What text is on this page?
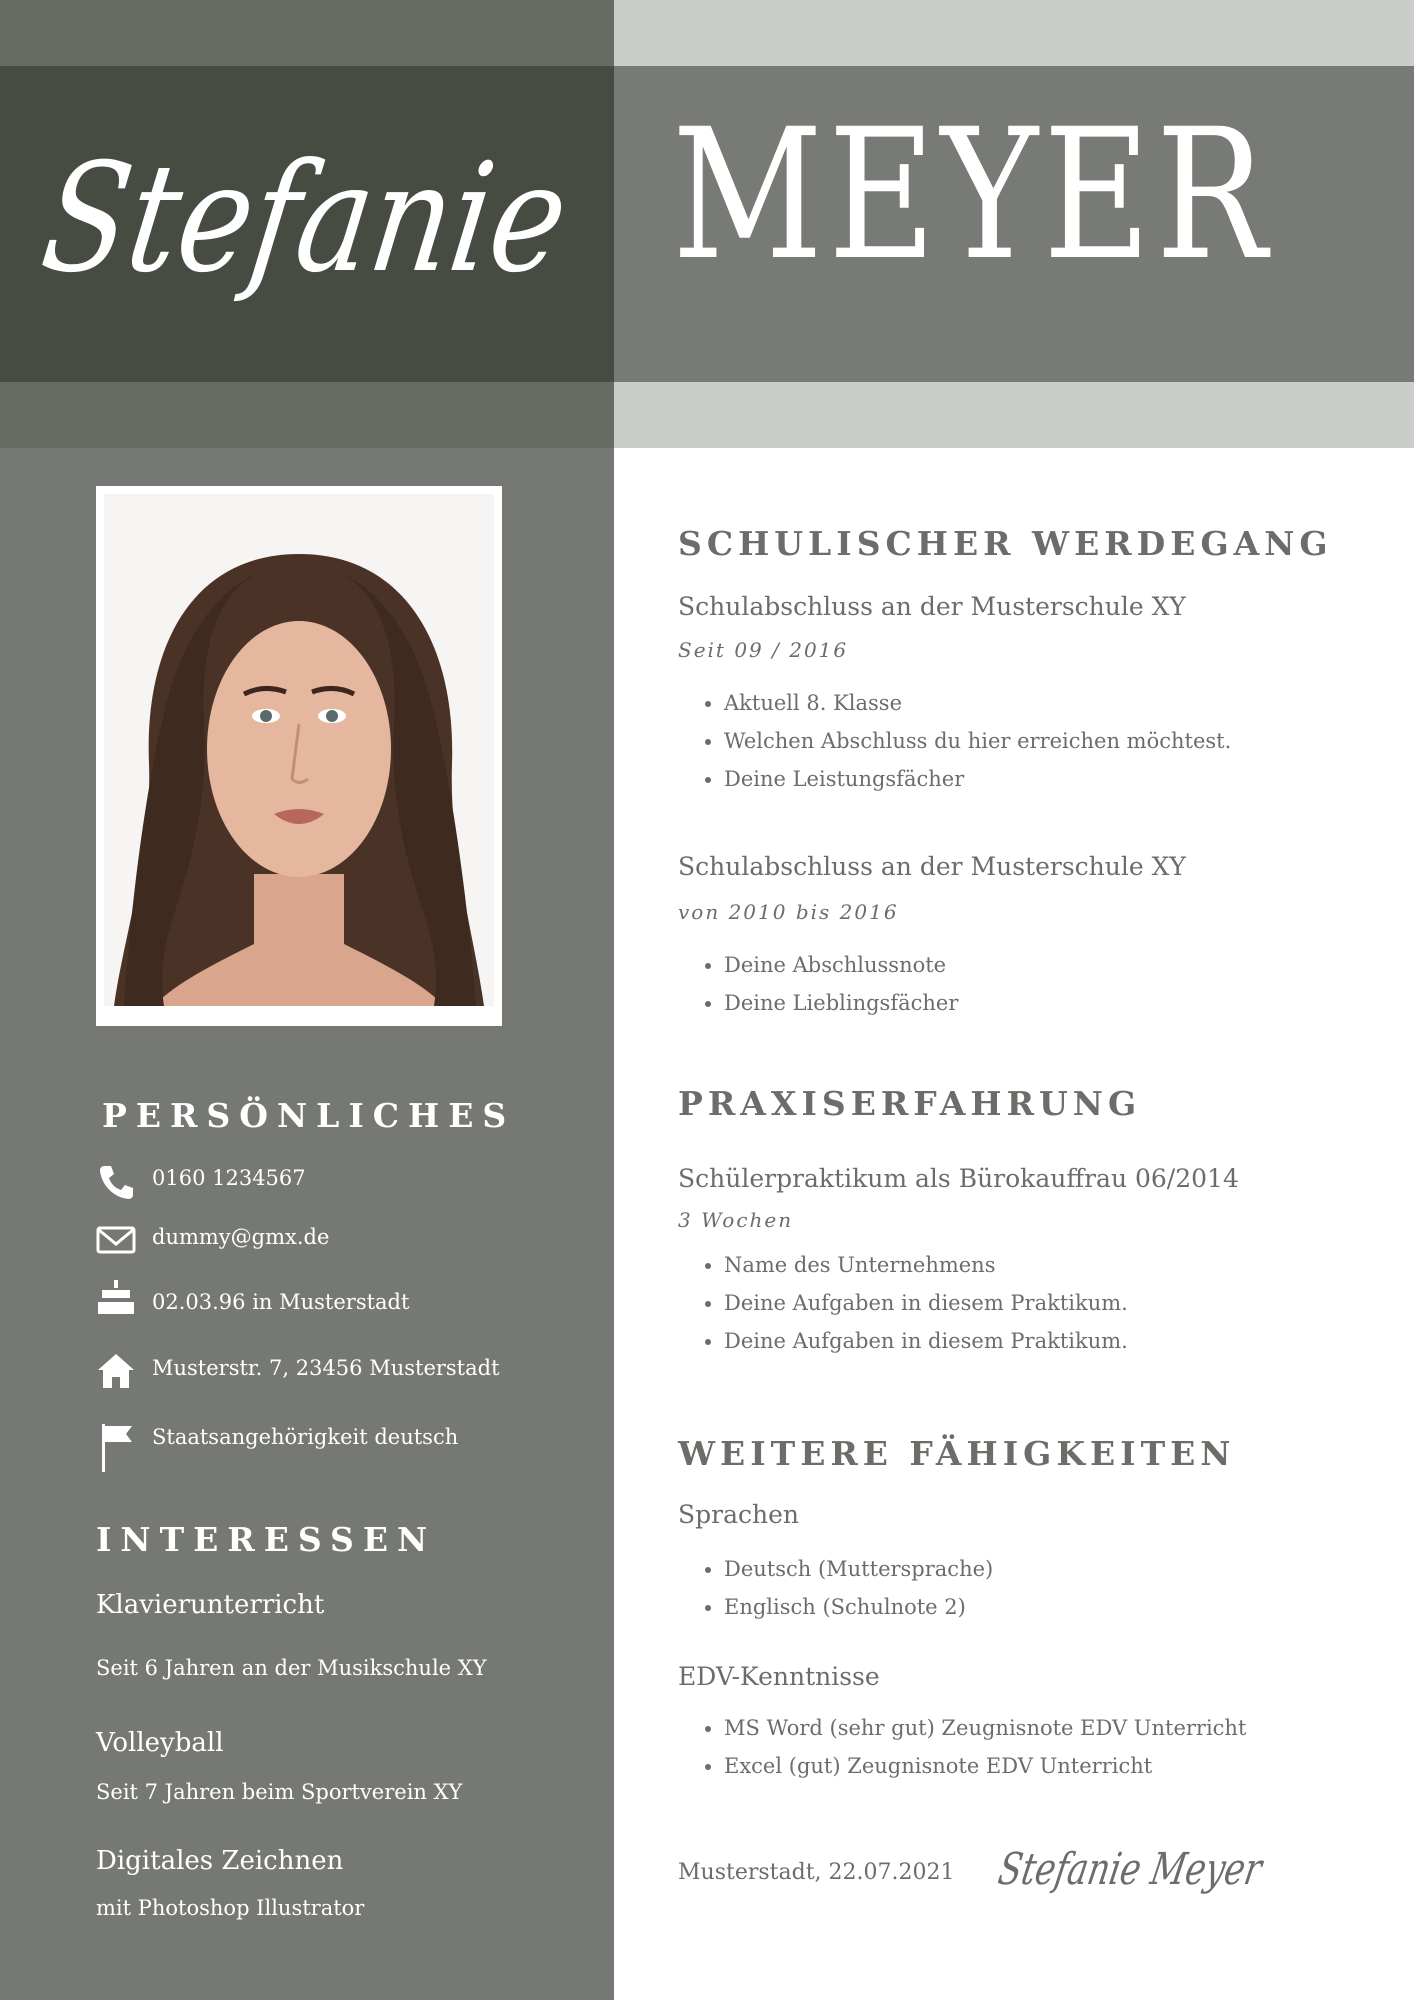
Stefanie
MEYER
PERSÖNLICHES
0160 1234567
dummy@gmx.de
02.03.96 in Musterstadt
Musterstr. 7, 23456 Musterstadt
Staatsangehörigkeit deutsch
INTERESSEN
Klavierunterricht
Seit 6 Jahren an der Musikschule XY
Volleyball
Seit 7 Jahren beim Sportverein XY
Digitales Zeichnen
mit Photoshop Illustrator
SCHULISCHER WERDEGANG
Schulabschluss an der Musterschule XY
Seit 09 / 2016
• Aktuell 8. Klasse
• Welchen Abschluss du hier erreichen möchtest.
• Deine Leistungsfächer
Schulabschluss an der Musterschule XY
von 2010 bis 2016
• Deine Abschlussnote
• Deine Lieblingsfächer
PRAXISERFAHRUNG
Schülerpraktikum als Bürokauffrau 06/2014
3 Wochen
• Name des Unternehmens
• Deine Aufgaben in diesem Praktikum.
• Deine Aufgaben in diesem Praktikum.
WEITERE FÄHIGKEITEN
Sprachen
• Deutsch (Muttersprache)
• Englisch (Schulnote 2)
EDV-Kenntnisse
• MS Word (sehr gut) Zeugnisnote EDV Unterricht
• Excel (gut) Zeugnisnote EDV Unterricht
Musterstadt, 22.07.2021 Stefanie Meyer
